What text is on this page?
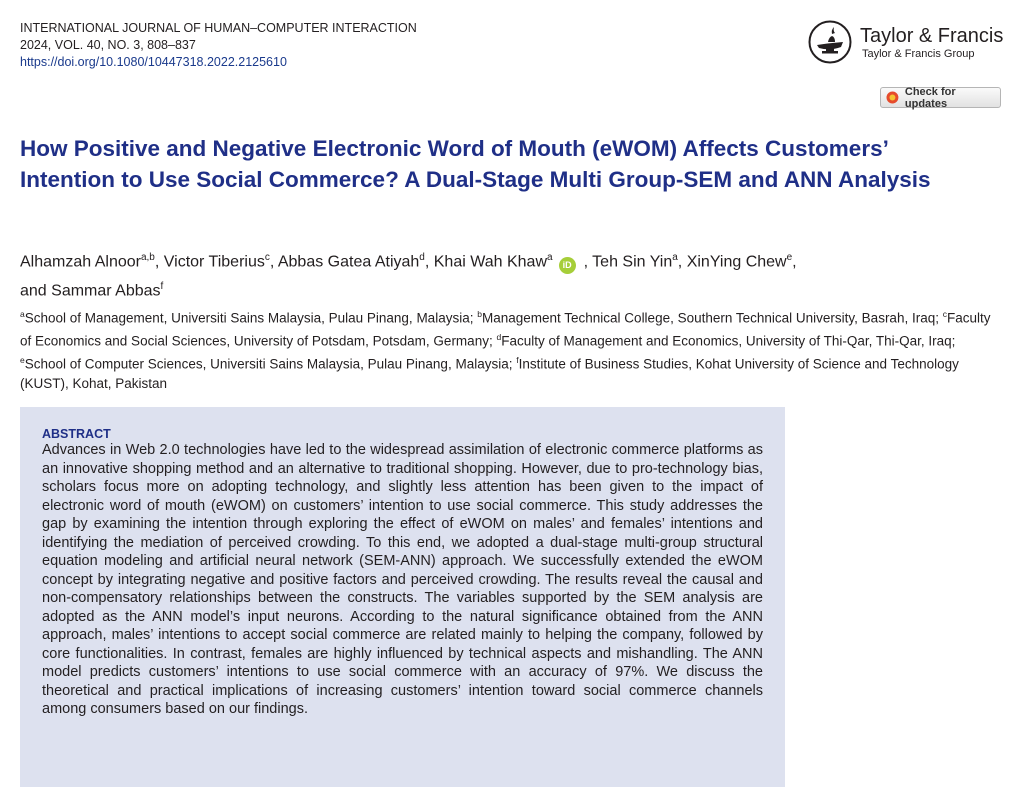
INTERNATIONAL JOURNAL OF HUMAN–COMPUTER INTERACTION
2024, VOL. 40, NO. 3, 808–837
https://doi.org/10.1080/10447318.2022.2125610
Taylor & Francis
Taylor & Francis Group
Check for updates
How Positive and Negative Electronic Word of Mouth (eWOM) Affects Customers’ Intention to Use Social Commerce? A Dual-Stage Multi Group-SEM and ANN Analysis
Alhamzah Alnoor$^{a,b}$, Victor Tiberius$^c$, Abbas Gatea Atiyah$^d$, Khai Wah Khaw$^a$iD , Teh Sin Yin$^a$, XinYing Chew$^e$,
and Sammar Abbas$^f$
$^a$School of Management, Universiti Sains Malaysia, Pulau Pinang, Malaysia; $^b$Management Technical College, Southern Technical University, Basrah, Iraq; $^c$Faculty of Economics and Social Sciences, University of Potsdam, Potsdam, Germany; $^d$Faculty of Management and Economics, University of Thi-Qar, Thi-Qar, Iraq; $^e$School of Computer Sciences, Universiti Sains Malaysia, Pulau Pinang, Malaysia; $^f$Institute of Business Studies, Kohat University of Science and Technology (KUST), Kohat, Pakistan
ABSTRACT

Advances in Web 2.0 technologies have led to the widespread assimilation of electronic commerce platforms as an innovative shopping method and an alternative to traditional shopping. However, due to pro-technology bias, scholars focus more on adopting technology, and slightly less attention has been given to the impact of electronic word of mouth (eWOM) on customers’ intention to use social commerce. This study addresses the gap by examining the intention through exploring the effect of eWOM on males’ and females’ intentions and identifying the mediation of perceived crowding. To this end, we adopted a dual-stage multi-group structural equation modeling and artificial neural network (SEM-ANN) approach. We successfully extended the eWOM concept by integrating negative and positive factors and perceived crowding. The results reveal the causal and non-compensatory relationships between the constructs. The variables supported by the SEM analysis are adopted as the ANN model’s input neurons. According to the natural significance obtained from the ANN approach, males’ intentions to accept social commerce are related mainly to helping the company, followed by core functionalities. In contrast, females are highly influenced by technical aspects and mishandling. The ANN model predicts customers’ intentions to use social commerce with an accuracy of 97%. We discuss the theoretical and practical implications of increasing customers’ intention toward social commerce channels among consumers based on our findings.
